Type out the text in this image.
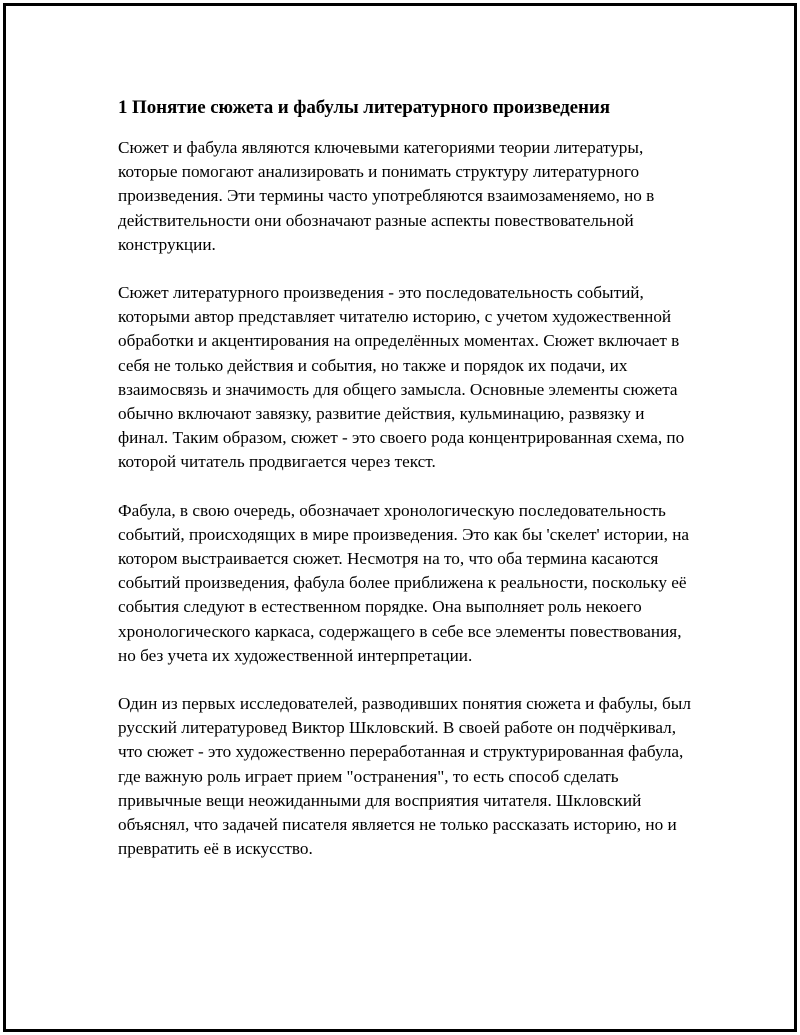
1 Понятие сюжета и фабулы литературного произведения

Сюжет и фабула являются ключевыми категориями теории литературы, которые помогают анализировать и понимать структуру литературного произведения. Эти термины часто употребляются взаимозаменяемо, но в действительности они обозначают разные аспекты повествовательной конструкции.

Сюжет литературного произведения - это последовательность событий, которыми автор представляет читателю историю, с учетом художественной обработки и акцентирования на определённых моментах. Сюжет включает в себя не только действия и события, но также и порядок их подачи, их взаимосвязь и значимость для общего замысла. Основные элементы сюжета обычно включают завязку, развитие действия, кульминацию, развязку и финал. Таким образом, сюжет - это своего рода концентрированная схема, по которой читатель продвигается через текст.

Фабула, в свою очередь, обозначает хронологическую последовательность событий, происходящих в мире произведения. Это как бы 'скелет' истории, на котором выстраивается сюжет. Несмотря на то, что оба термина касаются событий произведения, фабула более приближена к реальности, поскольку её события следуют в естественном порядке. Она выполняет роль некоего хронологического каркаса, содержащего в себе все элементы повествования, но без учета их художественной интерпретации.

Один из первых исследователей, разводивших понятия сюжета и фабулы, был русский литературовед Виктор Шкловский. В своей работе он подчёркивал, что сюжет - это художественно переработанная и структурированная фабула, где важную роль играет прием "остранения", то есть способ сделать привычные вещи неожиданными для восприятия читателя. Шкловский объяснял, что задачей писателя является не только рассказать историю, но и превратить её в искусство.
